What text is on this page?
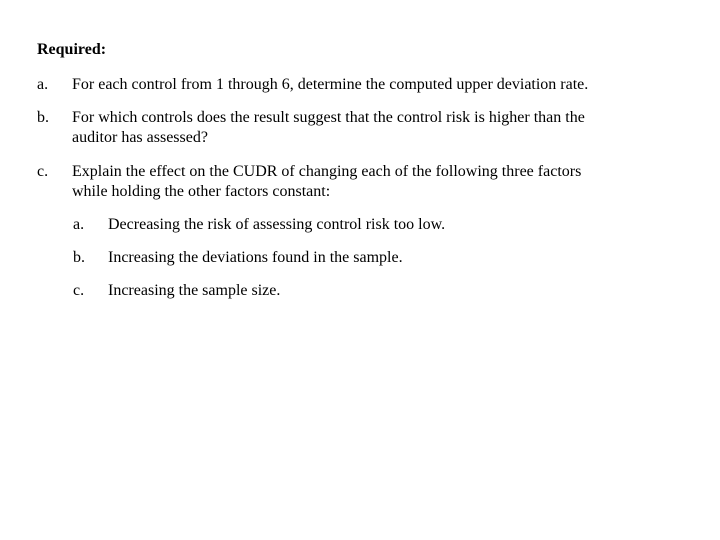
Required:
a. For each control from 1 through 6, determine the computed upper deviation rate.
b. For which controls does the result suggest that the control risk is higher than the
auditor has assessed?
c. Explain the effect on the CUDR of changing each of the following three factors
while holding the other factors constant:
a. Decreasing the risk of assessing control risk too low.
b. Increasing the deviations found in the sample.
c. Increasing the sample size.
